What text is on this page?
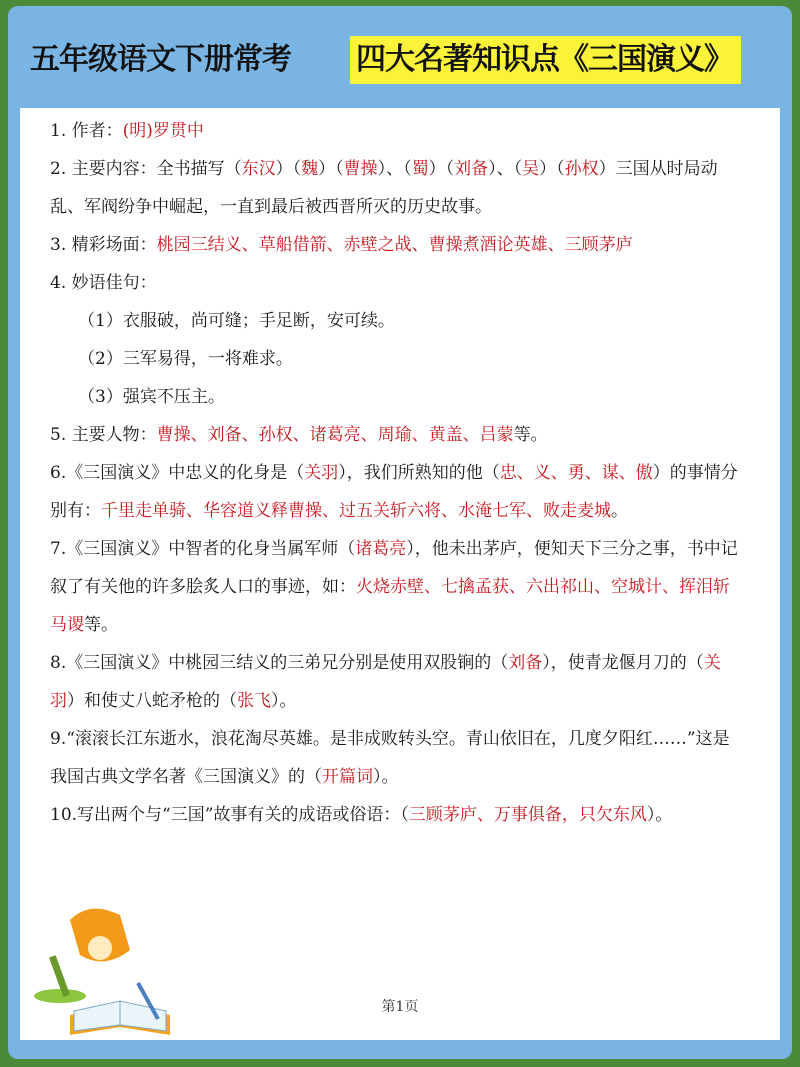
五年级语文下册常考 四大名著知识点《三国演义》
1. 作者：(明)罗贯中
2. 主要内容：全书描写（东汉）（魏）（曹操）、（蜀）（刘备）、（吴）（孙权）三国从时局动乱、军阀纷争中崛起，一直到最后被西晋所灭的历史故事。
3. 精彩场面：桃园三结义、草船借箭、赤壁之战、曹操煮酒论英雄、三顾茅庐
4. 妙语佳句：
（1）衣服破，尚可缝；手足断，安可续。
（2）三军易得，一将难求。
（3）强宾不压主。
5. 主要人物：曹操、刘备、孙权、诸葛亮、周瑜、黄盖、吕蒙等。
6.《三国演义》中忠义的化身是（关羽），我们所熟知的他（忠、义、勇、谋、傲）的事情分别有：千里走单骑、华容道义释曹操、过五关斩六将、水淹七军、败走麦城。
7.《三国演义》中智者的化身当属军师（诸葛亮），他未出茅庐，便知天下三分之事，书中记叙了有关他的许多脍炙人口的事迹，如：火烧赤壁、七擒孟获、六出祁山、空城计、挥泪斩马谡等。
8.《三国演义》中桃园三结义的三弟兄分别是使用双股锏的（刘备），使青龙偃月刀的（关羽）和使丈八蛇矛枪的（张飞）。
9.“滚滚长江东逝水，浪花淘尽英雄。是非成败转头空。青山依旧在，几度夕阳红……”这是我国古典文学名著《三国演义》的（开篇词）。
10.写出两个与“三国”故事有关的成语或俗语：（三顾茅庐、万事俱备，只欠东风）。
第1页
